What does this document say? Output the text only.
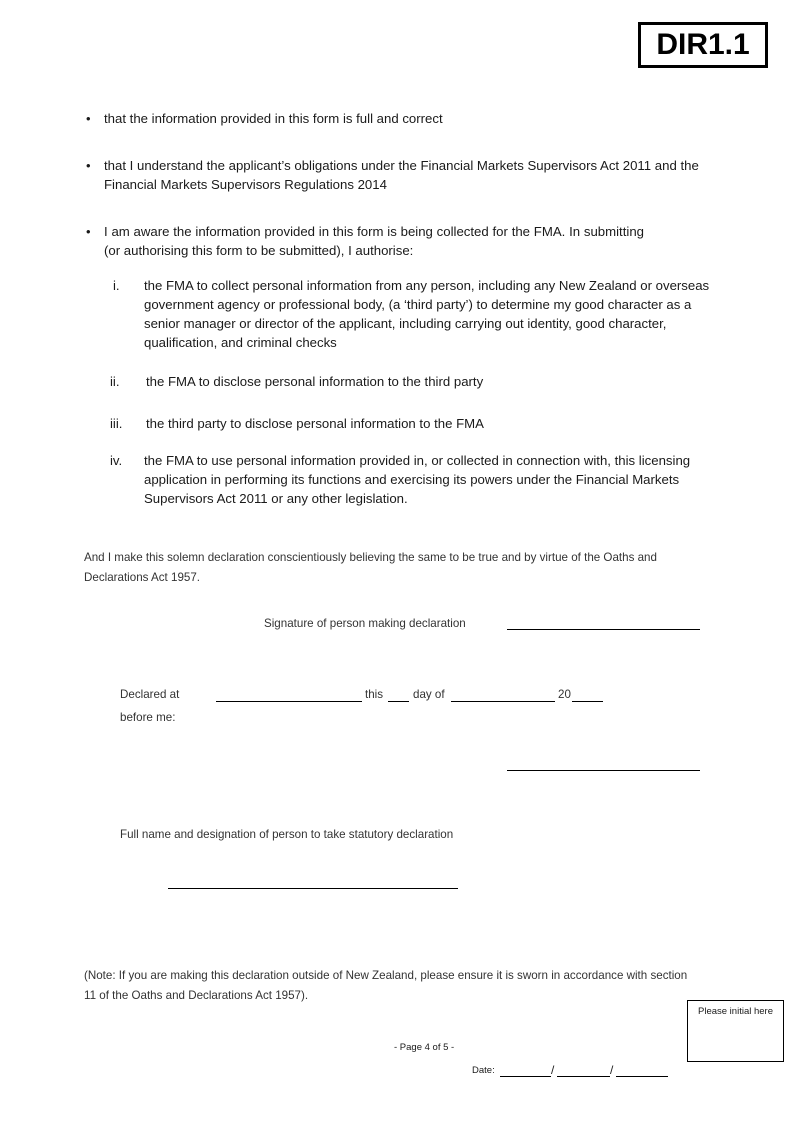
DIR1.1
• that the information provided in this form is full and correct
• that I understand the applicant’s obligations under the Financial Markets Supervisors Act 2011 and the Financial Markets Supervisors Regulations 2014
• I am aware the information provided in this form is being collected for the FMA. In submitting (or authorising this form to be submitted), I authorise:
i. the FMA to collect personal information from any person, including any New Zealand or overseas government agency or professional body, (a ‘third party’) to determine my good character as a senior manager or director of the applicant, including carrying out identity, good character, qualification, and criminal checks
ii. the FMA to disclose personal information to the third party
iii. the third party to disclose personal information to the FMA
iv. the FMA to use personal information provided in, or collected in connection with, this licensing application in performing its functions and exercising its powers under the Financial Markets Supervisors Act 2011 or any other legislation.
And I make this solemn declaration conscientiously believing the same to be true and by virtue of the Oaths and Declarations Act 1957.
Signature of person making declaration
Declared at	this	day of	20
before me:
Full name and designation of person to take statutory declaration
(Note: If you are making this declaration outside of New Zealand, please ensure it is sworn in accordance with section 11 of the Oaths and Declarations Act 1957).
Please initial here
- Page 4 of 5 -
Date:	/	/
